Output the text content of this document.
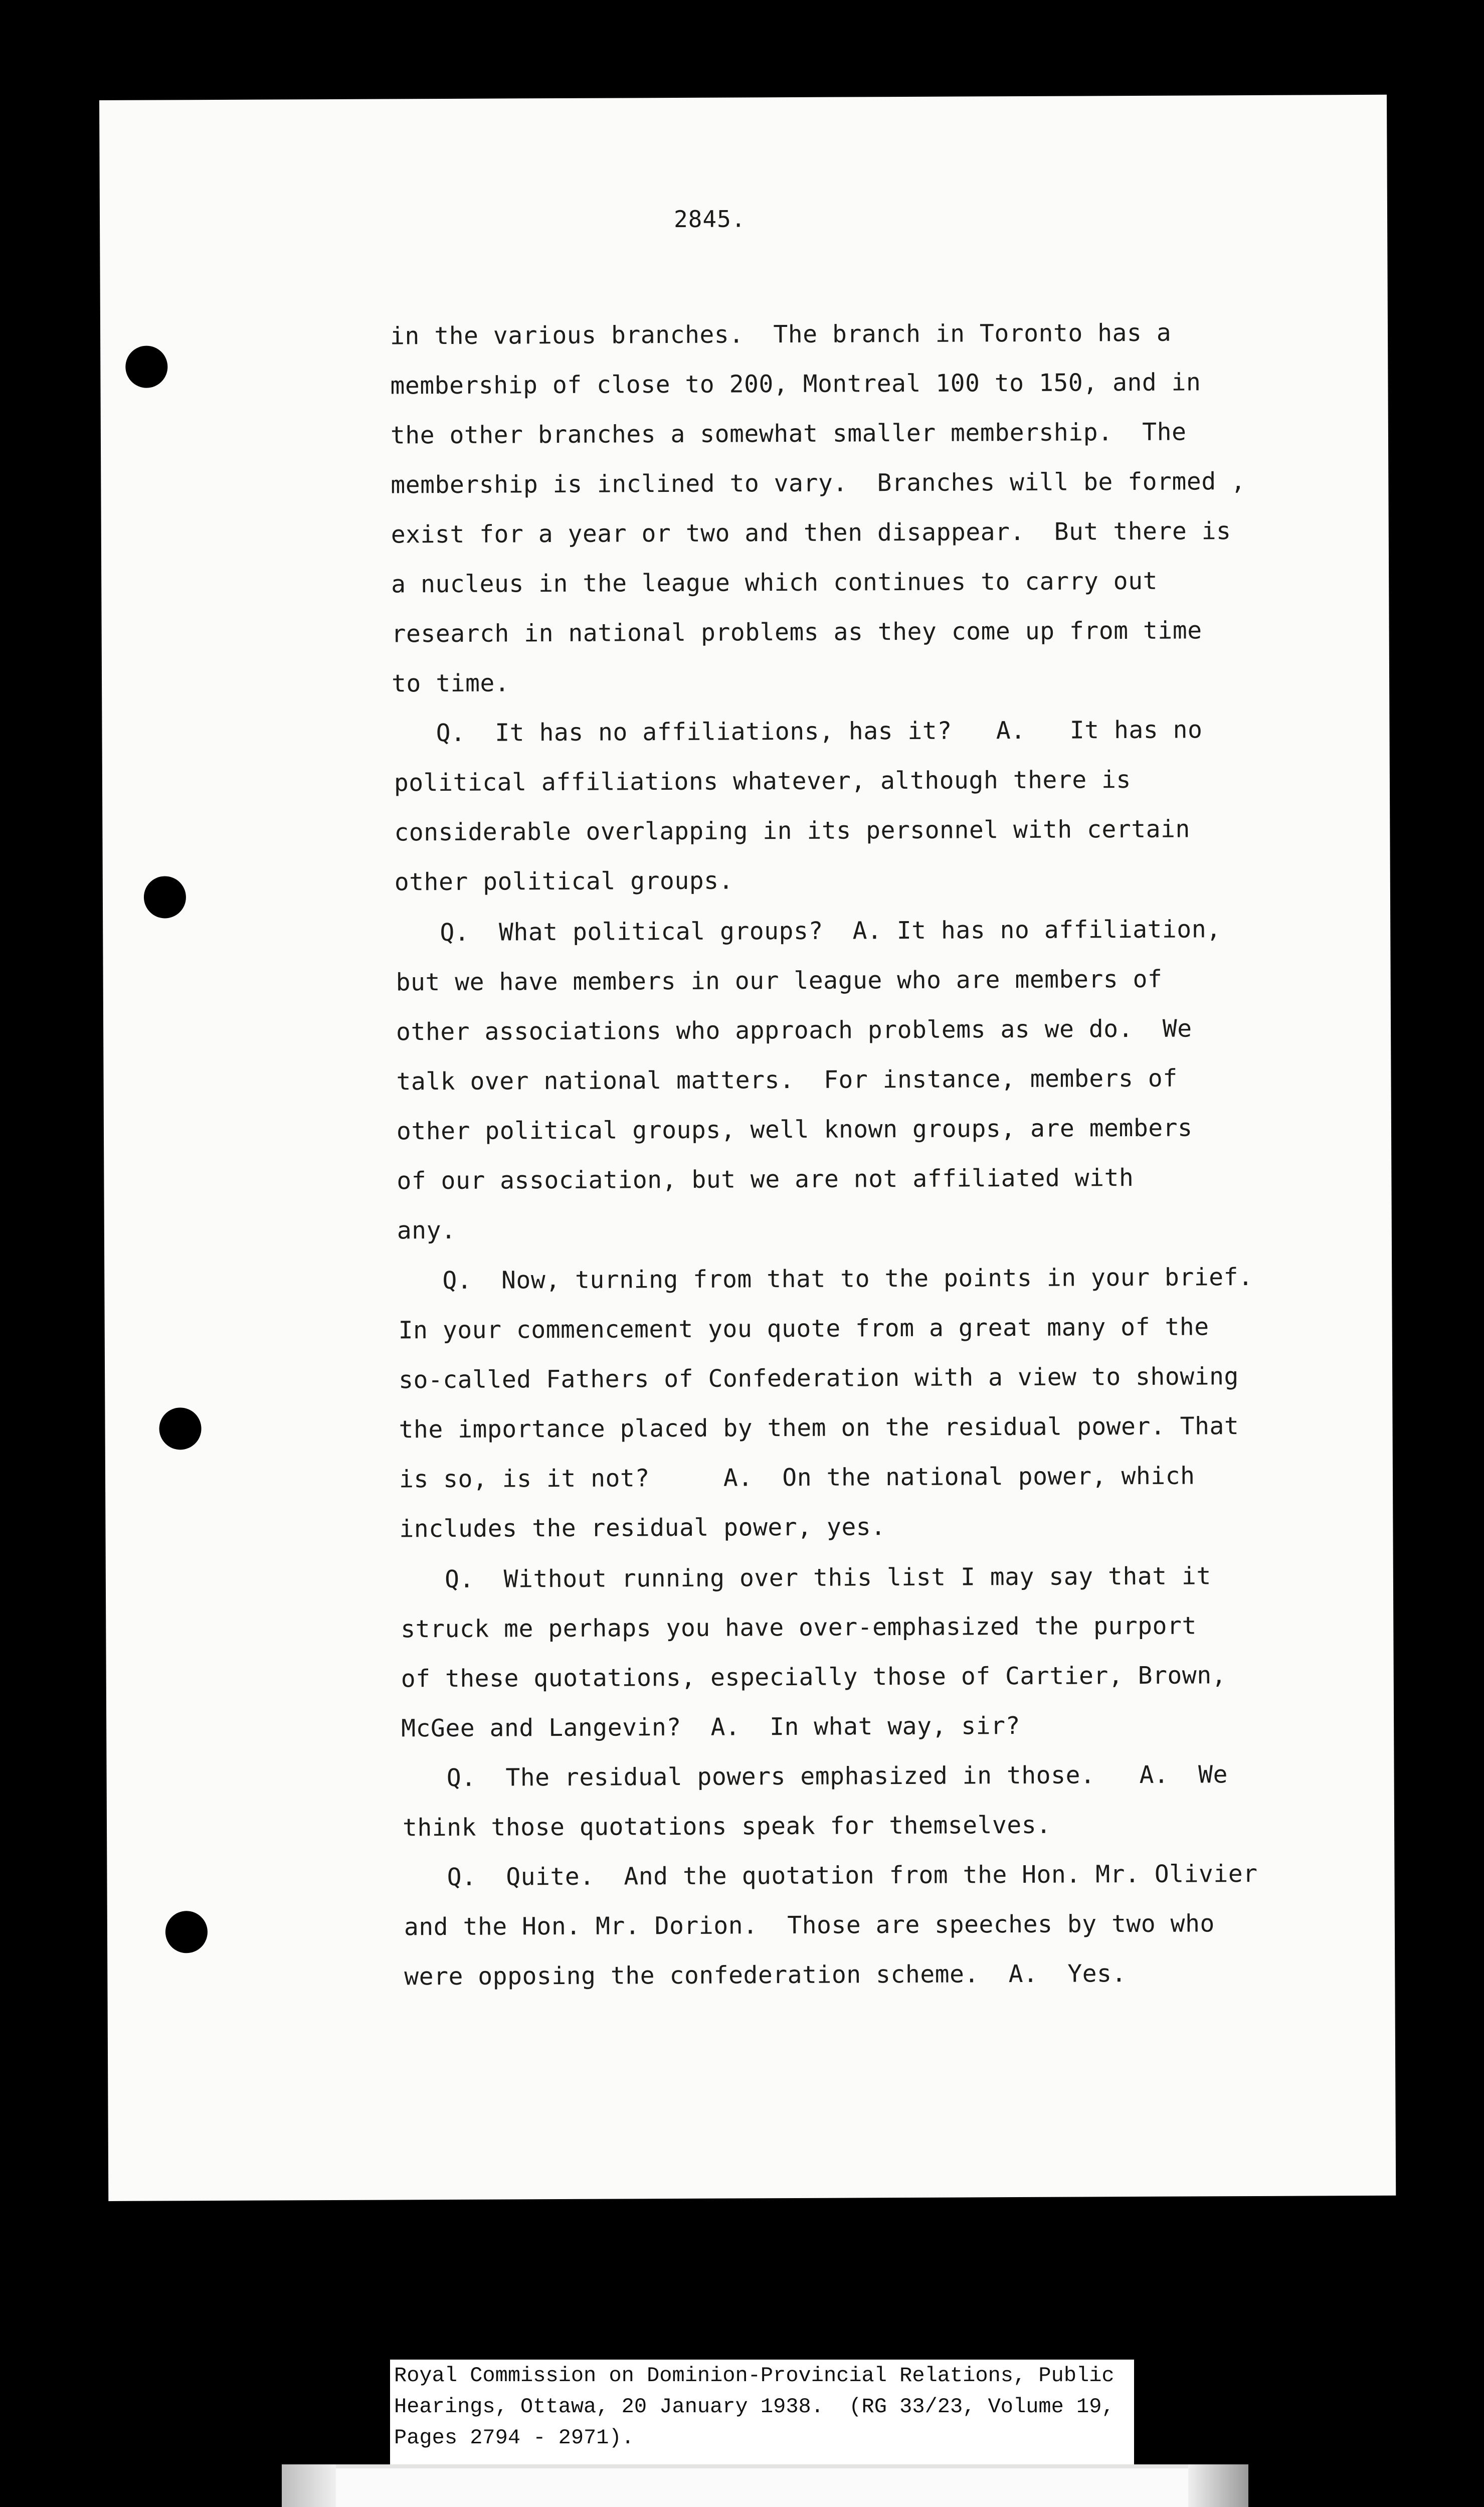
2845.
in the various branches.  The branch in Toronto has a
membership of close to 200, Montreal 100 to 150, and in
the other branches a somewhat smaller membership.  The
membership is inclined to vary.  Branches will be formed ,
exist for a year or two and then disappear.  But there is
a nucleus in the league which continues to carry out
research in national problems as they come up from time
to time.
Q.  It has no affiliations, has it?   A.   It has no
political affiliations whatever, although there is
considerable overlapping in its personnel with certain
other political groups.
Q.  What political groups?  A. It has no affiliation,
but we have members in our league who are members of
other associations who approach problems as we do.  We
talk over national matters.  For instance, members of
other political groups, well known groups, are members
of our association, but we are not affiliated with
any.
Q.  Now, turning from that to the points in your brief.
In your commencement you quote from a great many of the
so-called Fathers of Confederation with a view to showing
the importance placed by them on the residual power. That
is so, is it not?     A.  On the national power, which
includes the residual power, yes.
Q.  Without running over this list I may say that it
struck me perhaps you have over-emphasized the purport
of these quotations, especially those of Cartier, Brown,
McGee and Langevin?  A.  In what way, sir?
Q.  The residual powers emphasized in those.   A.  We
think those quotations speak for themselves.
Q.  Quite.  And the quotation from the Hon. Mr. Olivier
and the Hon. Mr. Dorion.  Those are speeches by two who
were opposing the confederation scheme.  A.  Yes.
Royal Commission on Dominion-Provincial Relations, Public
Hearings, Ottawa, 20 January 1938.  (RG 33/23, Volume 19,
Pages 2794 - 2971).
